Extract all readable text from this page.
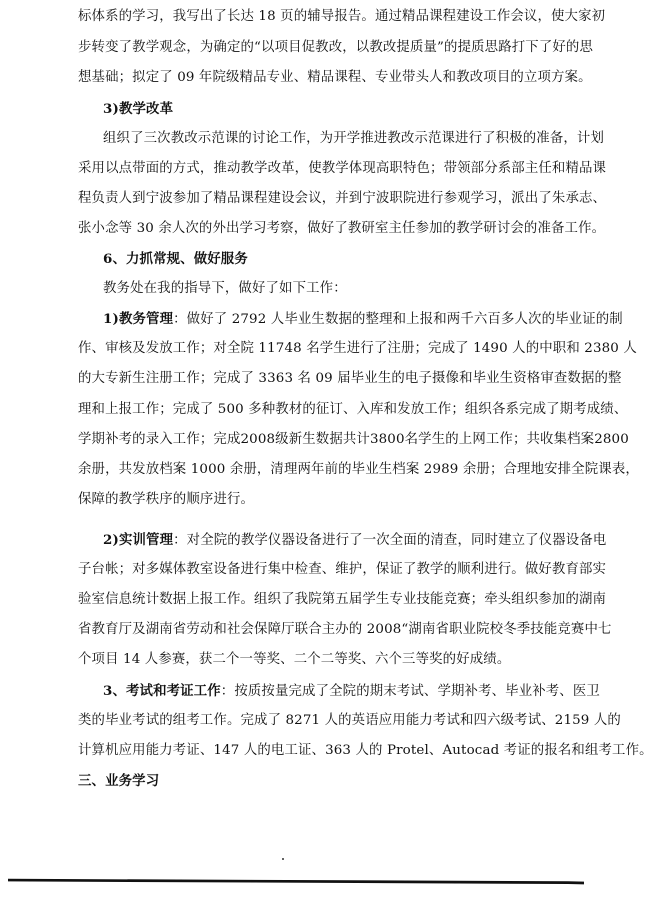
标体系的学习，我写出了长达 18 页的辅导报告。通过精品课程建设工作会议，使大家初
步转变了教学观念，为确定的“以项目促教改，以教改提质量”的提质思路打下了好的思
想基础；拟定了 09 年院级精品专业、精品课程、专业带头人和教改项目的立项方案。
3)教学改革
组织了三次教改示范课的讨论工作，为开学推进教改示范课进行了积极的准备，计划
采用以点带面的方式，推动教学改革，使教学体现高职特色；带领部分系部主任和精品课
程负责人到宁波参加了精品课程建设会议，并到宁波职院进行参观学习，派出了朱承志、
张小念等 30 余人次的外出学习考察，做好了教研室主任参加的教学研讨会的准备工作。
6、力抓常规、做好服务
教务处在我的指导下，做好了如下工作：
1)教务管理：做好了 2792 人毕业生数据的整理和上报和两千六百多人次的毕业证的制
作、审核及发放工作；对全院 11748 名学生进行了注册；完成了 1490 人的中职和 2380 人
的大专新生注册工作；完成了 3363 名 09 届毕业生的电子摄像和毕业生资格审查数据的整
理和上报工作；完成了 500 多种教材的征订、入库和发放工作；组织各系完成了期考成绩、
学期补考的录入工作；完成2008级新生数据共计3800名学生的上网工作；共收集档案2800
余册，共发放档案 1000 余册，清理两年前的毕业生档案 2989 余册；合理地安排全院课表，
保障的教学秩序的顺序进行。
2)实训管理：对全院的教学仪器设备进行了一次全面的清查，同时建立了仪器设备电
子台帐；对多媒体教室设备进行集中检查、维护，保证了教学的顺利进行。做好教育部实
验室信息统计数据上报工作。组织了我院第五届学生专业技能竞赛；牵头组织参加的湖南
省教育厅及湖南省劳动和社会保障厅联合主办的 2008“湖南省职业院校冬季技能竞赛中七
个项目 14 人参赛，获二个一等奖、二个二等奖、六个三等奖的好成绩。
3、考试和考证工作：按质按量完成了全院的期末考试、学期补考、毕业补考、医卫
类的毕业考试的组考工作。完成了 8271 人的英语应用能力考试和四六级考试、2159 人的
计算机应用能力考证、147 人的电工证、363 人的 Protel、Autocad 考证的报名和组考工作。
三、业务学习
